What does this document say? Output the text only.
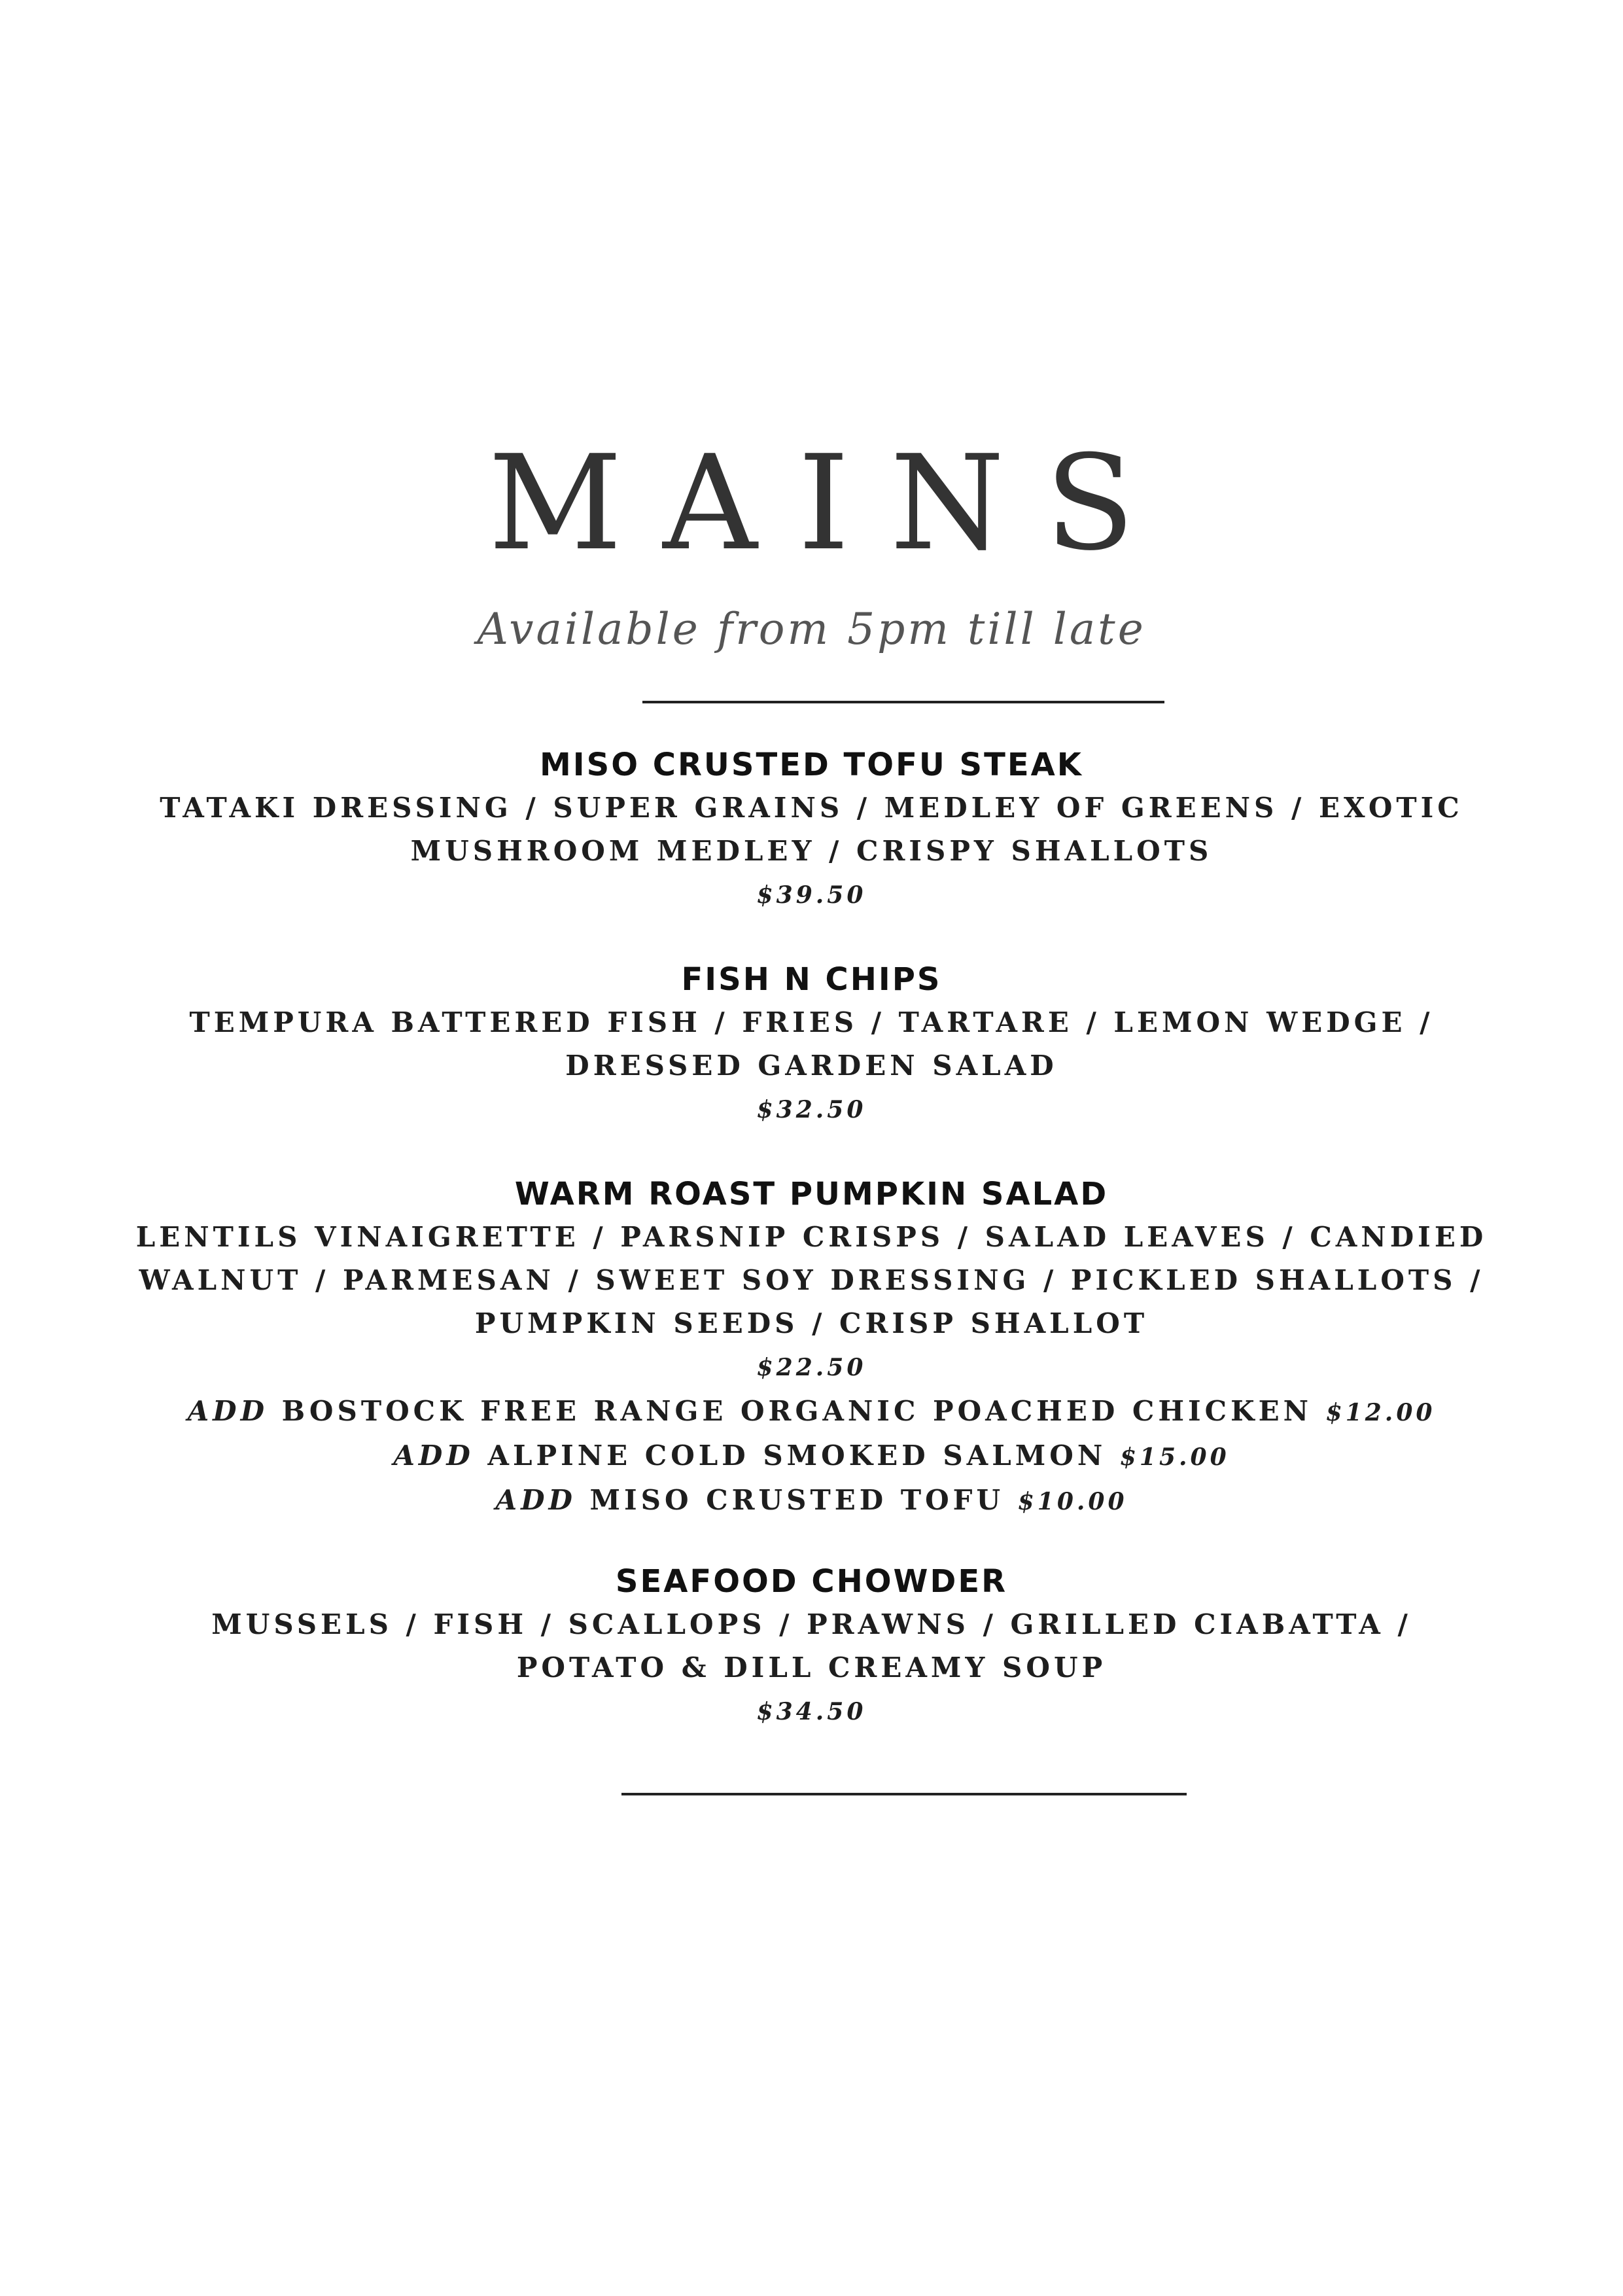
MAINS
Available from 5pm till late
MISO CRUSTED TOFU STEAK
TATAKI DRESSING / SUPER GRAINS / MEDLEY OF GREENS / EXOTIC
MUSHROOM MEDLEY / CRISPY SHALLOTS
$39.50
FISH N CHIPS
TEMPURA BATTERED FISH / FRIES / TARTARE / LEMON WEDGE /
DRESSED GARDEN SALAD
$32.50
WARM ROAST PUMPKIN SALAD
LENTILS VINAIGRETTE / PARSNIP CRISPS / SALAD LEAVES / CANDIED
WALNUT / PARMESAN / SWEET SOY DRESSING / PICKLED SHALLOTS /
PUMPKIN SEEDS / CRISP SHALLOT
$22.50
ADD BOSTOCK FREE RANGE ORGANIC POACHED CHICKEN $12.00
ADD ALPINE COLD SMOKED SALMON $15.00
ADD MISO CRUSTED TOFU $10.00
SEAFOOD CHOWDER
MUSSELS / FISH / SCALLOPS / PRAWNS / GRILLED CIABATTA /
POTATO & DILL CREAMY SOUP
$34.50
